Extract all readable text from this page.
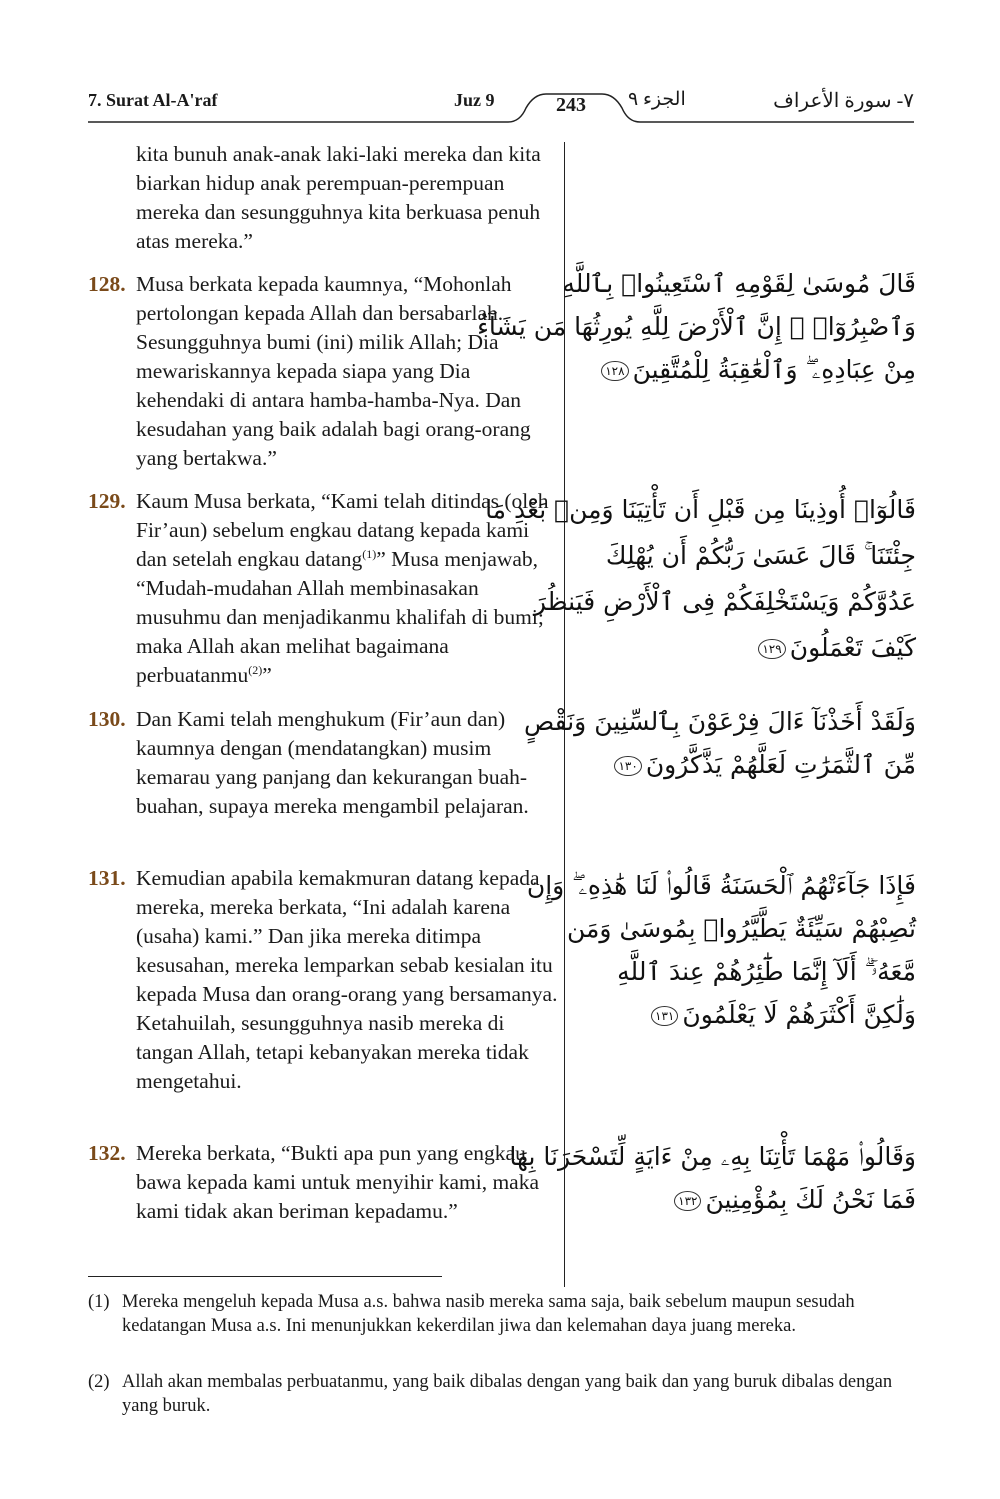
7. Surat Al-A'raf	Juz 9	243	الجزء ٩	٧- سورة الأعراف
kita bunuh anak-anak laki-laki mereka dan kita biarkan hidup anak perempuan-perempuan mereka dan sesungguhnya kita berkuasa penuh atas mereka.”
128. Musa berkata kepada kaumnya, “Mohonlah pertolongan kepada Allah dan bersabarlah. Sesungguhnya bumi (ini) milik Allah; Dia mewariskannya kepada siapa yang Dia kehendaki di antara hamba-hamba-Nya. Dan kesudahan yang baik adalah bagi orang-orang yang bertakwa.”
قَالَ مُوسَىٰ لِقَوْمِهِ ٱسْتَعِينُوا۟ بِٱللَّهِ
وَٱصْبِرُوٓا۟ ۖ إِنَّ ٱلْأَرْضَ لِلَّهِ يُورِثُهَا مَن يَشَآءُ
مِنْ عِبَادِهِۦ ۖ وَٱلْعَٰقِبَةُ لِلْمُتَّقِينَ١٢٨
129. Kaum Musa berkata, “Kami telah ditindas (oleh Fir’aun) sebelum engkau datang kepada kami dan setelah engkau datang$^{(1)}$” Musa menjawab, “Mudah-mudahan Allah membinasakan musuhmu dan menjadikanmu khalifah di bumi; maka Allah akan melihat bagaimana perbuatanmu$^{(2)}$”
قَالُوٓا۟ أُوذِينَا مِن قَبْلِ أَن تَأْتِيَنَا وَمِنۢ بَعْدِ مَا
جِئْتَنَا ۚ قَالَ عَسَىٰ رَبُّكُمْ أَن يُهْلِكَ
عَدُوَّكُمْ وَيَسْتَخْلِفَكُمْ فِى ٱلْأَرْضِ فَيَنظُرَ
كَيْفَ تَعْمَلُونَ١٢٩
130. Dan Kami telah menghukum (Fir’aun dan) kaumnya dengan (mendatangkan) musim kemarau yang panjang dan kekurangan buah-buahan, supaya mereka mengambil pelajaran.
وَلَقَدْ أَخَذْنَآ ءَالَ فِرْعَوْنَ بِٱلسِّنِينَ وَنَقْصٍ
مِّنَ ٱلثَّمَرَٰتِ لَعَلَّهُمْ يَذَّكَّرُونَ١٣٠
131. Kemudian apabila kemakmuran datang kepada mereka, mereka berkata, “Ini adalah karena (usaha) kami.” Dan jika mereka ditimpa kesusahan, mereka lemparkan sebab kesialan itu kepada Musa dan orang-orang yang bersamanya. Ketahuilah, sesungguhnya nasib mereka di tangan Allah, tetapi kebanyakan mereka tidak mengetahui.
فَإِذَا جَآءَتْهُمُ ٱلْحَسَنَةُ قَالُوا۟ لَنَا هَٰذِهِۦ ۖ وَإِن
تُصِبْهُمْ سَيِّئَةٌ يَطَّيَّرُوا۟ بِمُوسَىٰ وَمَن
مَّعَهُۥٓ ۗ أَلَآ إِنَّمَا طَٰٓئِرُهُمْ عِندَ ٱللَّهِ
وَلَٰكِنَّ أَكْثَرَهُمْ لَا يَعْلَمُونَ١٣١
132. Mereka berkata, “Bukti apa pun yang engkau bawa kepada kami untuk menyihir kami, maka kami tidak akan beriman kepadamu.”
وَقَالُوا۟ مَهْمَا تَأْتِنَا بِهِۦ مِنْ ءَايَةٍ لِّتَسْحَرَنَا بِهَا
فَمَا نَحْنُ لَكَ بِمُؤْمِنِينَ١٣٢
(1) Mereka mengeluh kepada Musa a.s. bahwa nasib mereka sama saja, baik sebelum maupun sesudah kedatangan Musa a.s. Ini menunjukkan kekerdilan jiwa dan kelemahan daya juang mereka.
(2) Allah akan membalas perbuatanmu, yang baik dibalas dengan yang baik dan yang buruk dibalas dengan yang buruk.
